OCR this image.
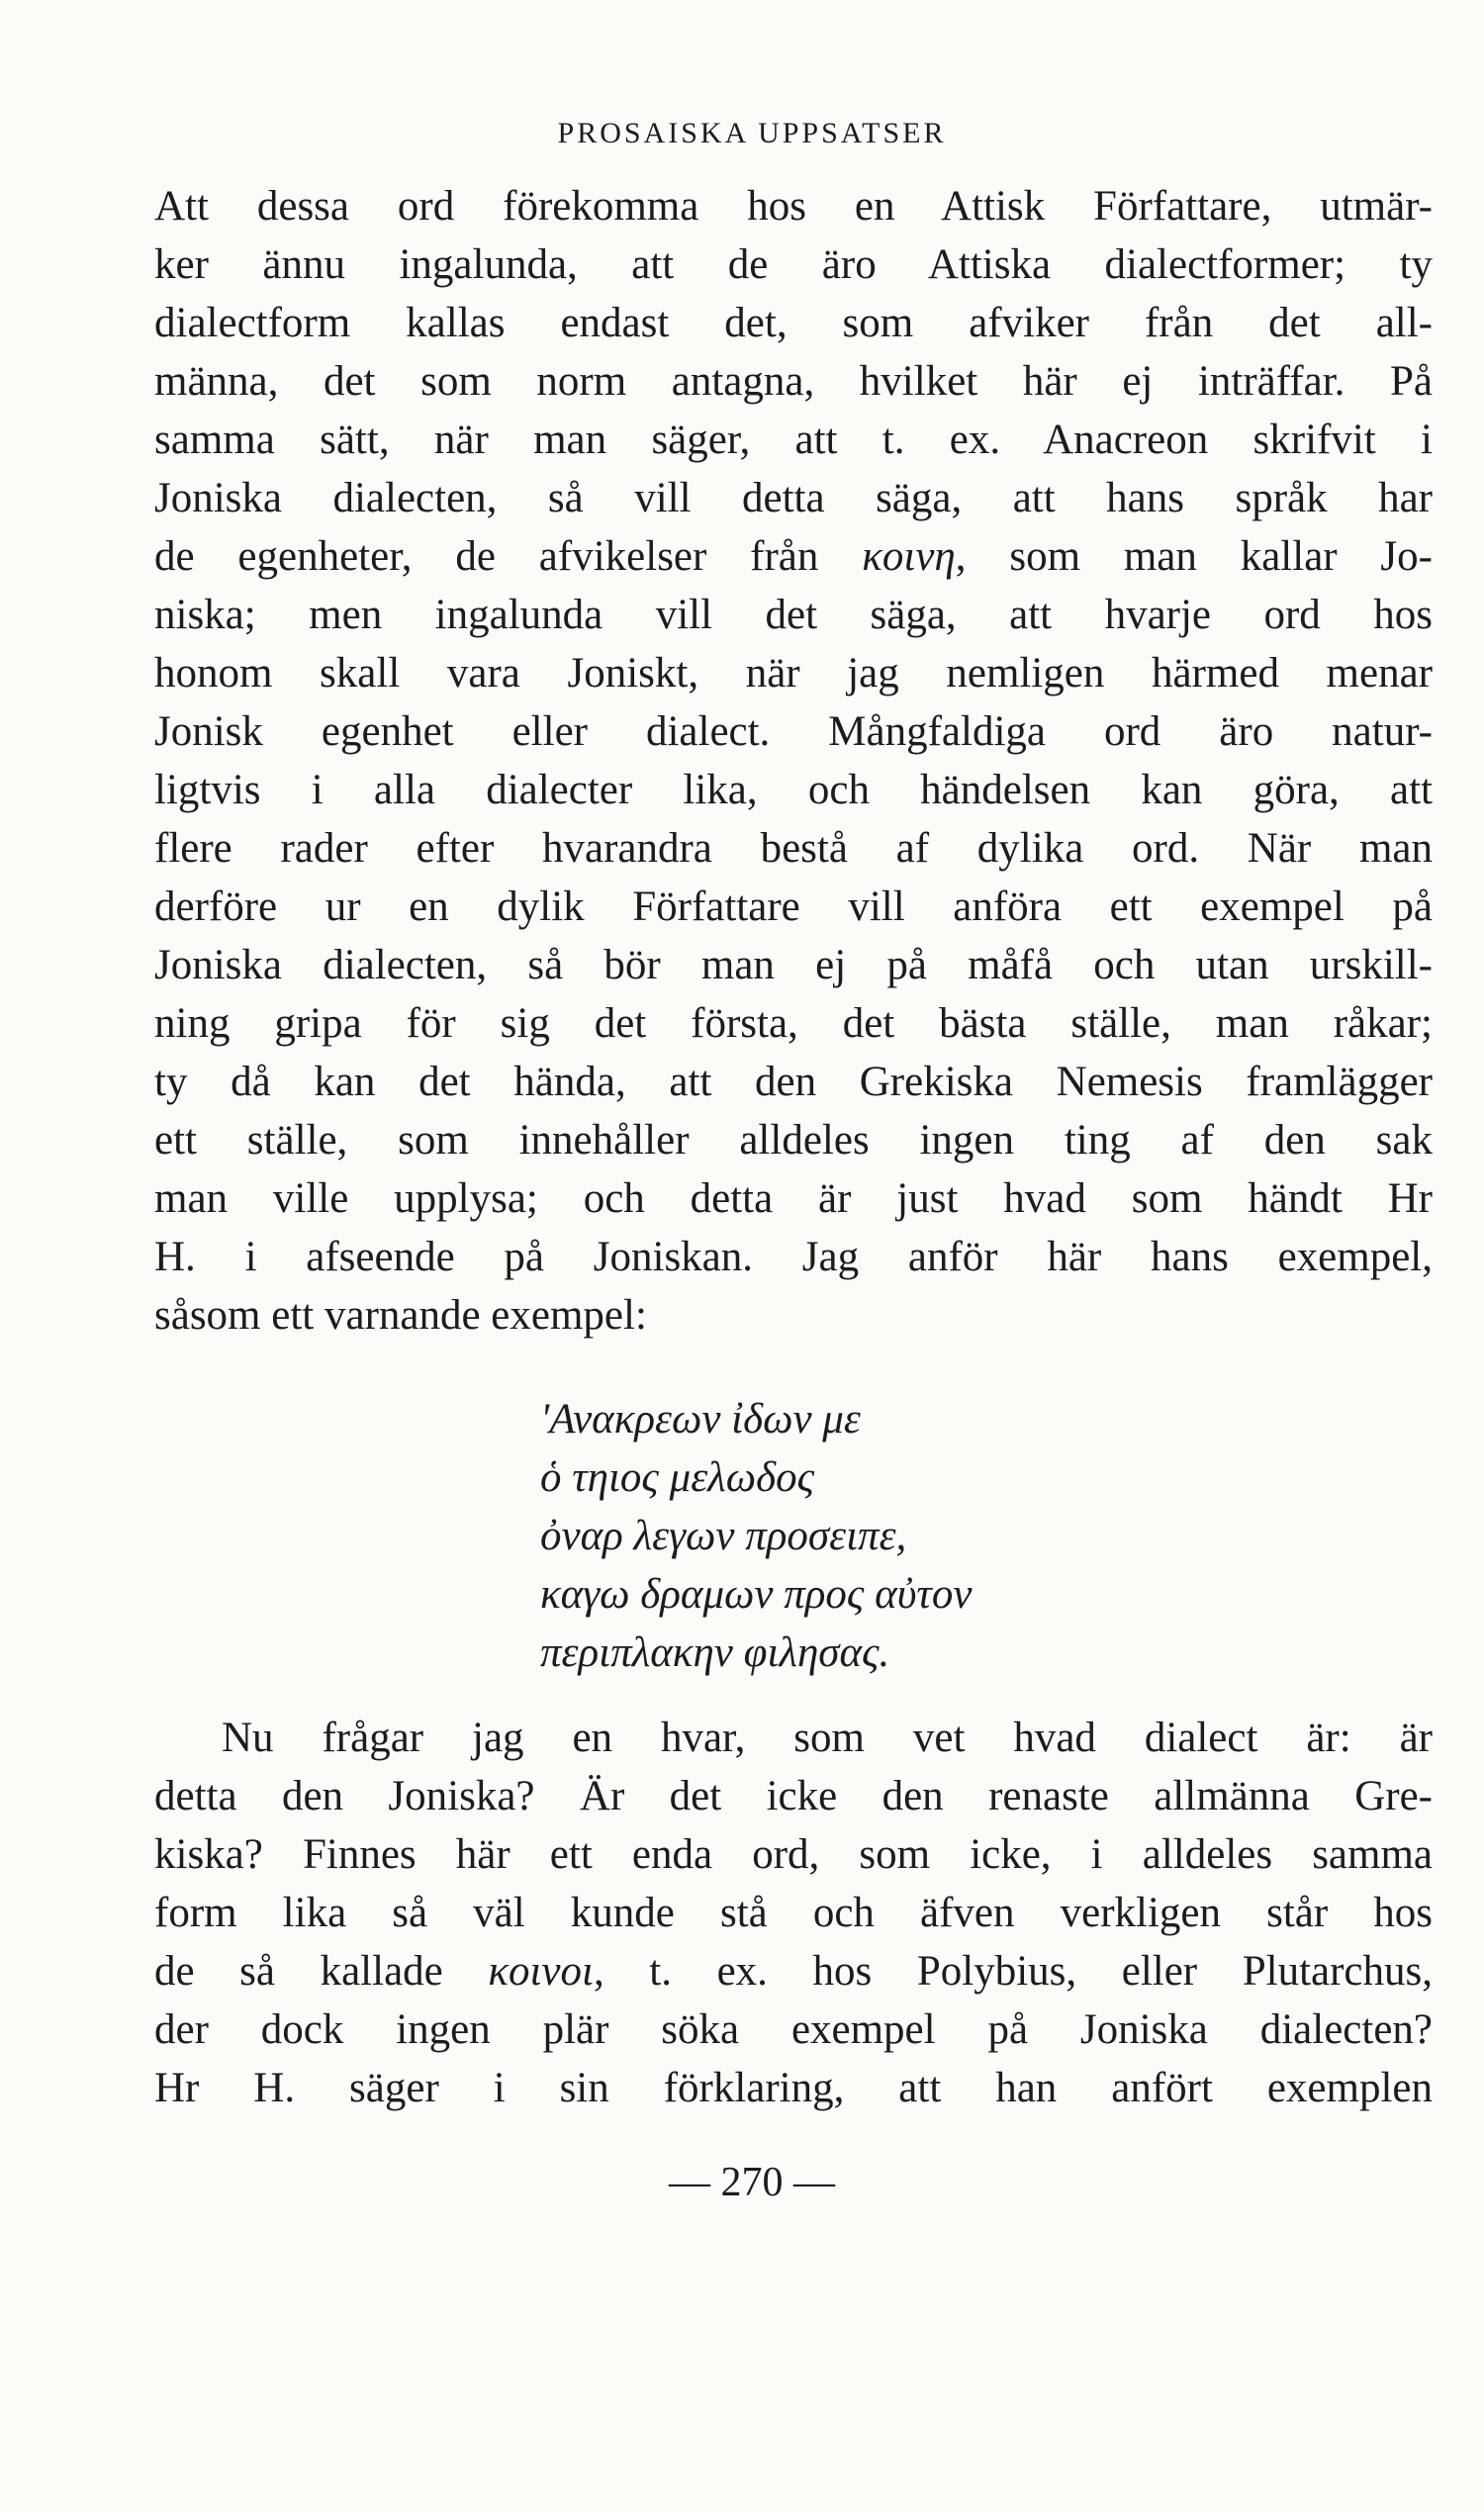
PROSAISKA UPPSATSER
Att dessa ord förekomma hos en Attisk Författare, utmär-
ker ännu ingalunda, att de äro Attiska dialectformer; ty
dialectform kallas endast det, som afviker från det all-
männa, det som norm antagna, hvilket här ej inträffar. På
samma sätt, när man säger, att t. ex. Anacreon skrifvit i
Joniska dialecten, så vill detta säga, att hans språk har
de egenheter, de afvikelser från κοινη, som man kallar Jo-
niska; men ingalunda vill det säga, att hvarje ord hos
honom skall vara Joniskt, när jag nemligen härmed menar
Jonisk egenhet eller dialect. Mångfaldiga ord äro natur-
ligtvis i alla dialecter lika, och händelsen kan göra, att
flere rader efter hvarandra bestå af dylika ord. När man
derföre ur en dylik Författare vill anföra ett exempel på
Joniska dialecten, så bör man ej på måfå och utan urskill-
ning gripa för sig det första, det bästa ställe, man råkar;
ty då kan det hända, att den Grekiska Nemesis framlägger
ett ställe, som innehåller alldeles ingen ting af den sak
man ville upplysa; och detta är just hvad som händt Hr
H. i afseende på Joniskan. Jag anför här hans exempel,
såsom ett varnande exempel:
'Ανακρεων ἰδων με
ὁ τηιος μελωδος
ὀναρ λεγων προσειπε,
καγω δραμων προς αὐτον
περιπλακην φιλησας.
Nu frågar jag en hvar, som vet hvad dialect är: är
detta den Joniska? Är det icke den renaste allmänna Gre-
kiska? Finnes här ett enda ord, som icke, i alldeles samma
form lika så väl kunde stå och äfven verkligen står hos
de så kallade κοινοι, t. ex. hos Polybius, eller Plutarchus,
der dock ingen plär söka exempel på Joniska dialecten?
Hr H. säger i sin förklaring, att han anfört exemplen
— 270 —
